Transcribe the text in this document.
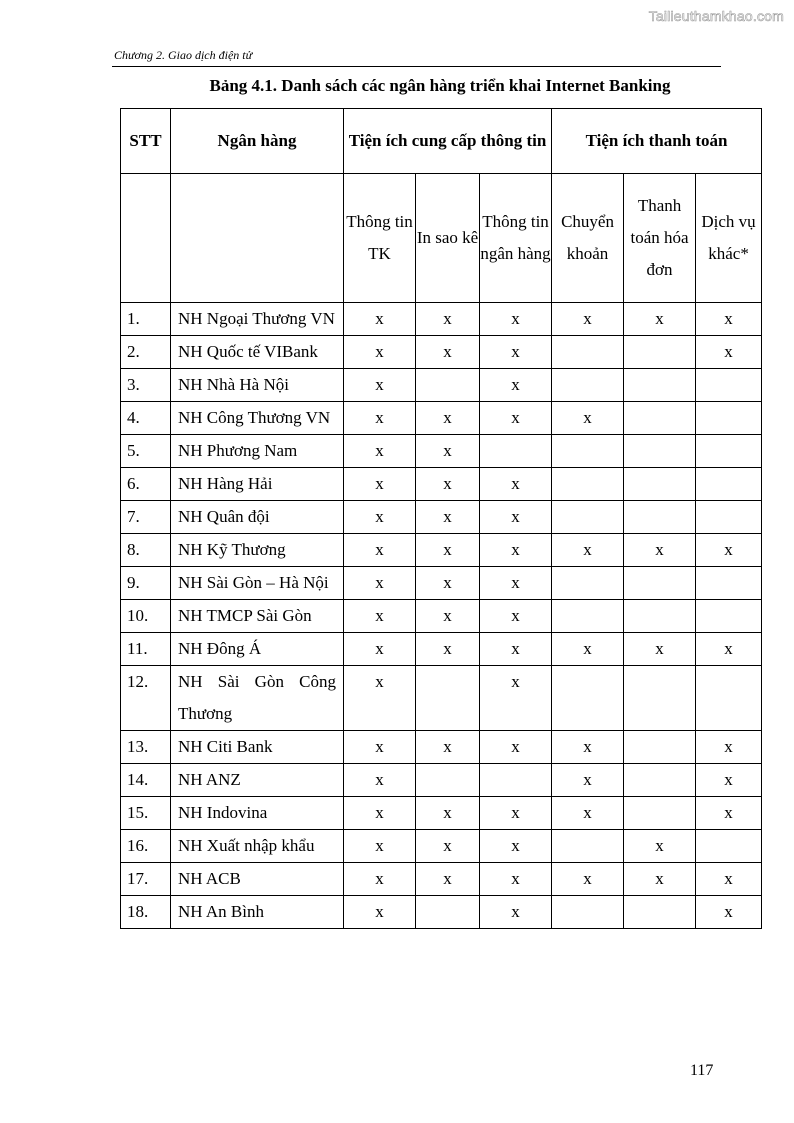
Tailieuthamkhao.com
Chương 2. Giao dịch điện tử
Bảng 4.1. Danh sách các ngân hàng triển khai Internet Banking
STT	Ngân hàng	Tiện ích cung cấp thông tin			Tiện ích thanh toán		
		Thông tin TK	In sao kê	Thông tin ngân hàng	Chuyển khoản	Thanh toán hóa đơn	Dịch vụ khác*
1.	NH Ngoại Thương VN	x	x	x	x	x	x
2.	NH Quốc tế VIBank	x	x	x			x
3.	NH Nhà Hà Nội	x		x			
4.	NH Công Thương VN	x	x	x	x		
5.	NH Phương Nam	x	x				
6.	NH Hàng Hải	x	x	x			
7.	NH Quân đội	x	x	x			
8.	NH Kỹ Thương	x	x	x	x	x	x
9.	NH Sài Gòn – Hà Nội	x	x	x			
10.	NH TMCP Sài Gòn	x	x	x			
11.	NH Đông Á	x	x	x	x	x	x
12.	NH Sài Gòn Công Thương	x		x			
13.	NH Citi Bank	x	x	x	x		x
14.	NH ANZ	x			x		x
15.	NH Indovina	x	x	x	x		x
16.	NH Xuất nhập khẩu	x	x	x		x	
17.	NH ACB	x	x	x	x	x	x
18.	NH An Bình	x		x			x
117
